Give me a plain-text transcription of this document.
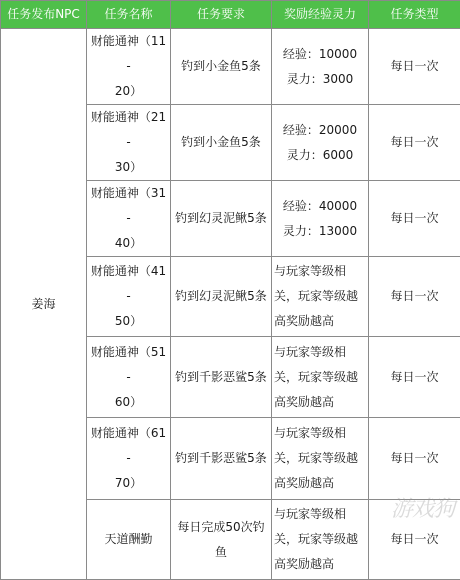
任务发布NPC	任务名称	任务要求	奖励经验灵力	任务类型
姜海	财能通神（11-
20）	钓到小金鱼5条	经验：10000
灵力：3000	每日一次

	财能通神（21-
30）	钓到小金鱼5条	经验：20000
灵力：6000	每日一次

	财能通神（31-
40）	钓到幻灵泥鳅5条	经验：40000
灵力：13000	每日一次

	财能通神（41-
50）	钓到幻灵泥鳅5条	与玩家等级相
关，玩家等级越
高奖励越高	每日一次

	财能通神（51-
60）	钓到千影恶鲨5条	与玩家等级相
关，玩家等级越
高奖励越高	每日一次

	财能通神（61-
70）	钓到千影恶鲨5条	与玩家等级相
关，玩家等级越
高奖励越高	每日一次
	天道酬勤	每日完成50次钓鱼	与玩家等级相
关，玩家等级越
高奖励越高	每日一次
游戏狗
